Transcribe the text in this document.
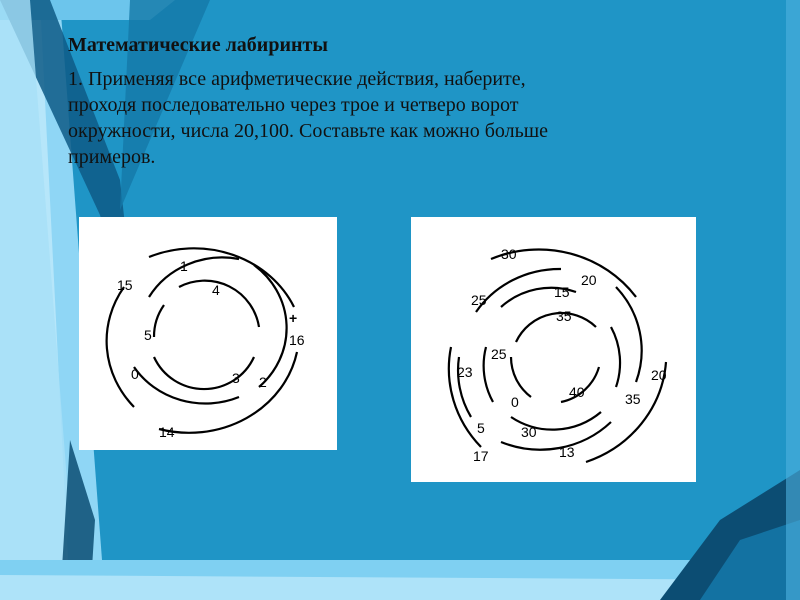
Математические лабиринты
1. Применяя все арифметические действия, наберите,
проходя последовательно через трое и четверо ворот
окружности, числа 20,100. Составьте как можно больше
примеров.
15
1
4
5
+
16
0	3 2
14
30
20
25	15
35
25
23	20
0
40	35
5	30
17	13
